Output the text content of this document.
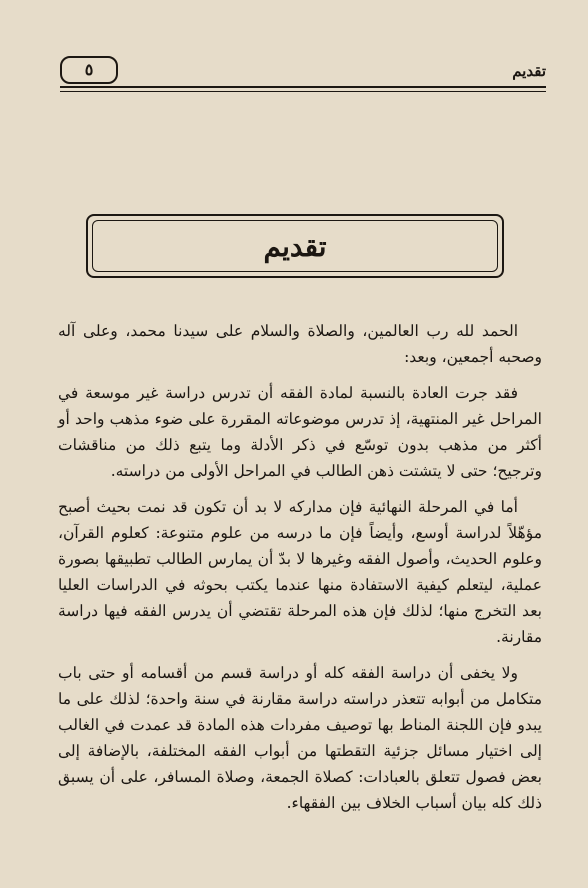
تقديم
٥
تقديم

الحمد لله رب العالمين، والصلاة والسلام على سيدنا محمد، وعلى آله وصحبه أجمعين، وبعد:

فقد جرت العادة بالنسبة لمادة الفقه أن تدرس دراسة غير موسعة في المراحل غير المنتهية، إذ تدرس موضوعاته المقررة على ضوء مذهب واحد أو أكثر من مذهب بدون توسّع في ذكر الأدلة وما يتبع ذلك من مناقشات وترجيح؛ حتى لا يتشتت ذهن الطالب في المراحل الأولى من دراسته.

أما في المرحلة النهائية فإن مداركه لا بد أن تكون قد نمت بحيث أصبح مؤهّلاً لدراسة أوسع، وأيضاً فإن ما درسه من علوم متنوعة: كعلوم القرآن، وعلوم الحديث، وأصول الفقه وغيرها لا بدّ أن يمارس الطالب تطبيقها بصورة عملية، ليتعلم كيفية الاستفادة منها عندما يكتب بحوثه في الدراسات العليا بعد التخرج منها؛ لذلك فإن هذه المرحلة تقتضي أن يدرس الفقه فيها دراسة مقارنة.

ولا يخفى أن دراسة الفقه كله أو دراسة قسم من أقسامه أو حتى باب متكامل من أبوابه تتعذر دراسته دراسة مقارنة في سنة واحدة؛ لذلك على ما يبدو فإن اللجنة المناط بها توصيف مفردات هذه المادة قد عمدت في الغالب إلى اختيار مسائل جزئية التقطتها من أبواب الفقه المختلفة، بالإضافة إلى بعض فصول تتعلق بالعبادات: كصلاة الجمعة، وصلاة المسافر، على أن يسبق ذلك كله بيان أسباب الخلاف بين الفقهاء.
